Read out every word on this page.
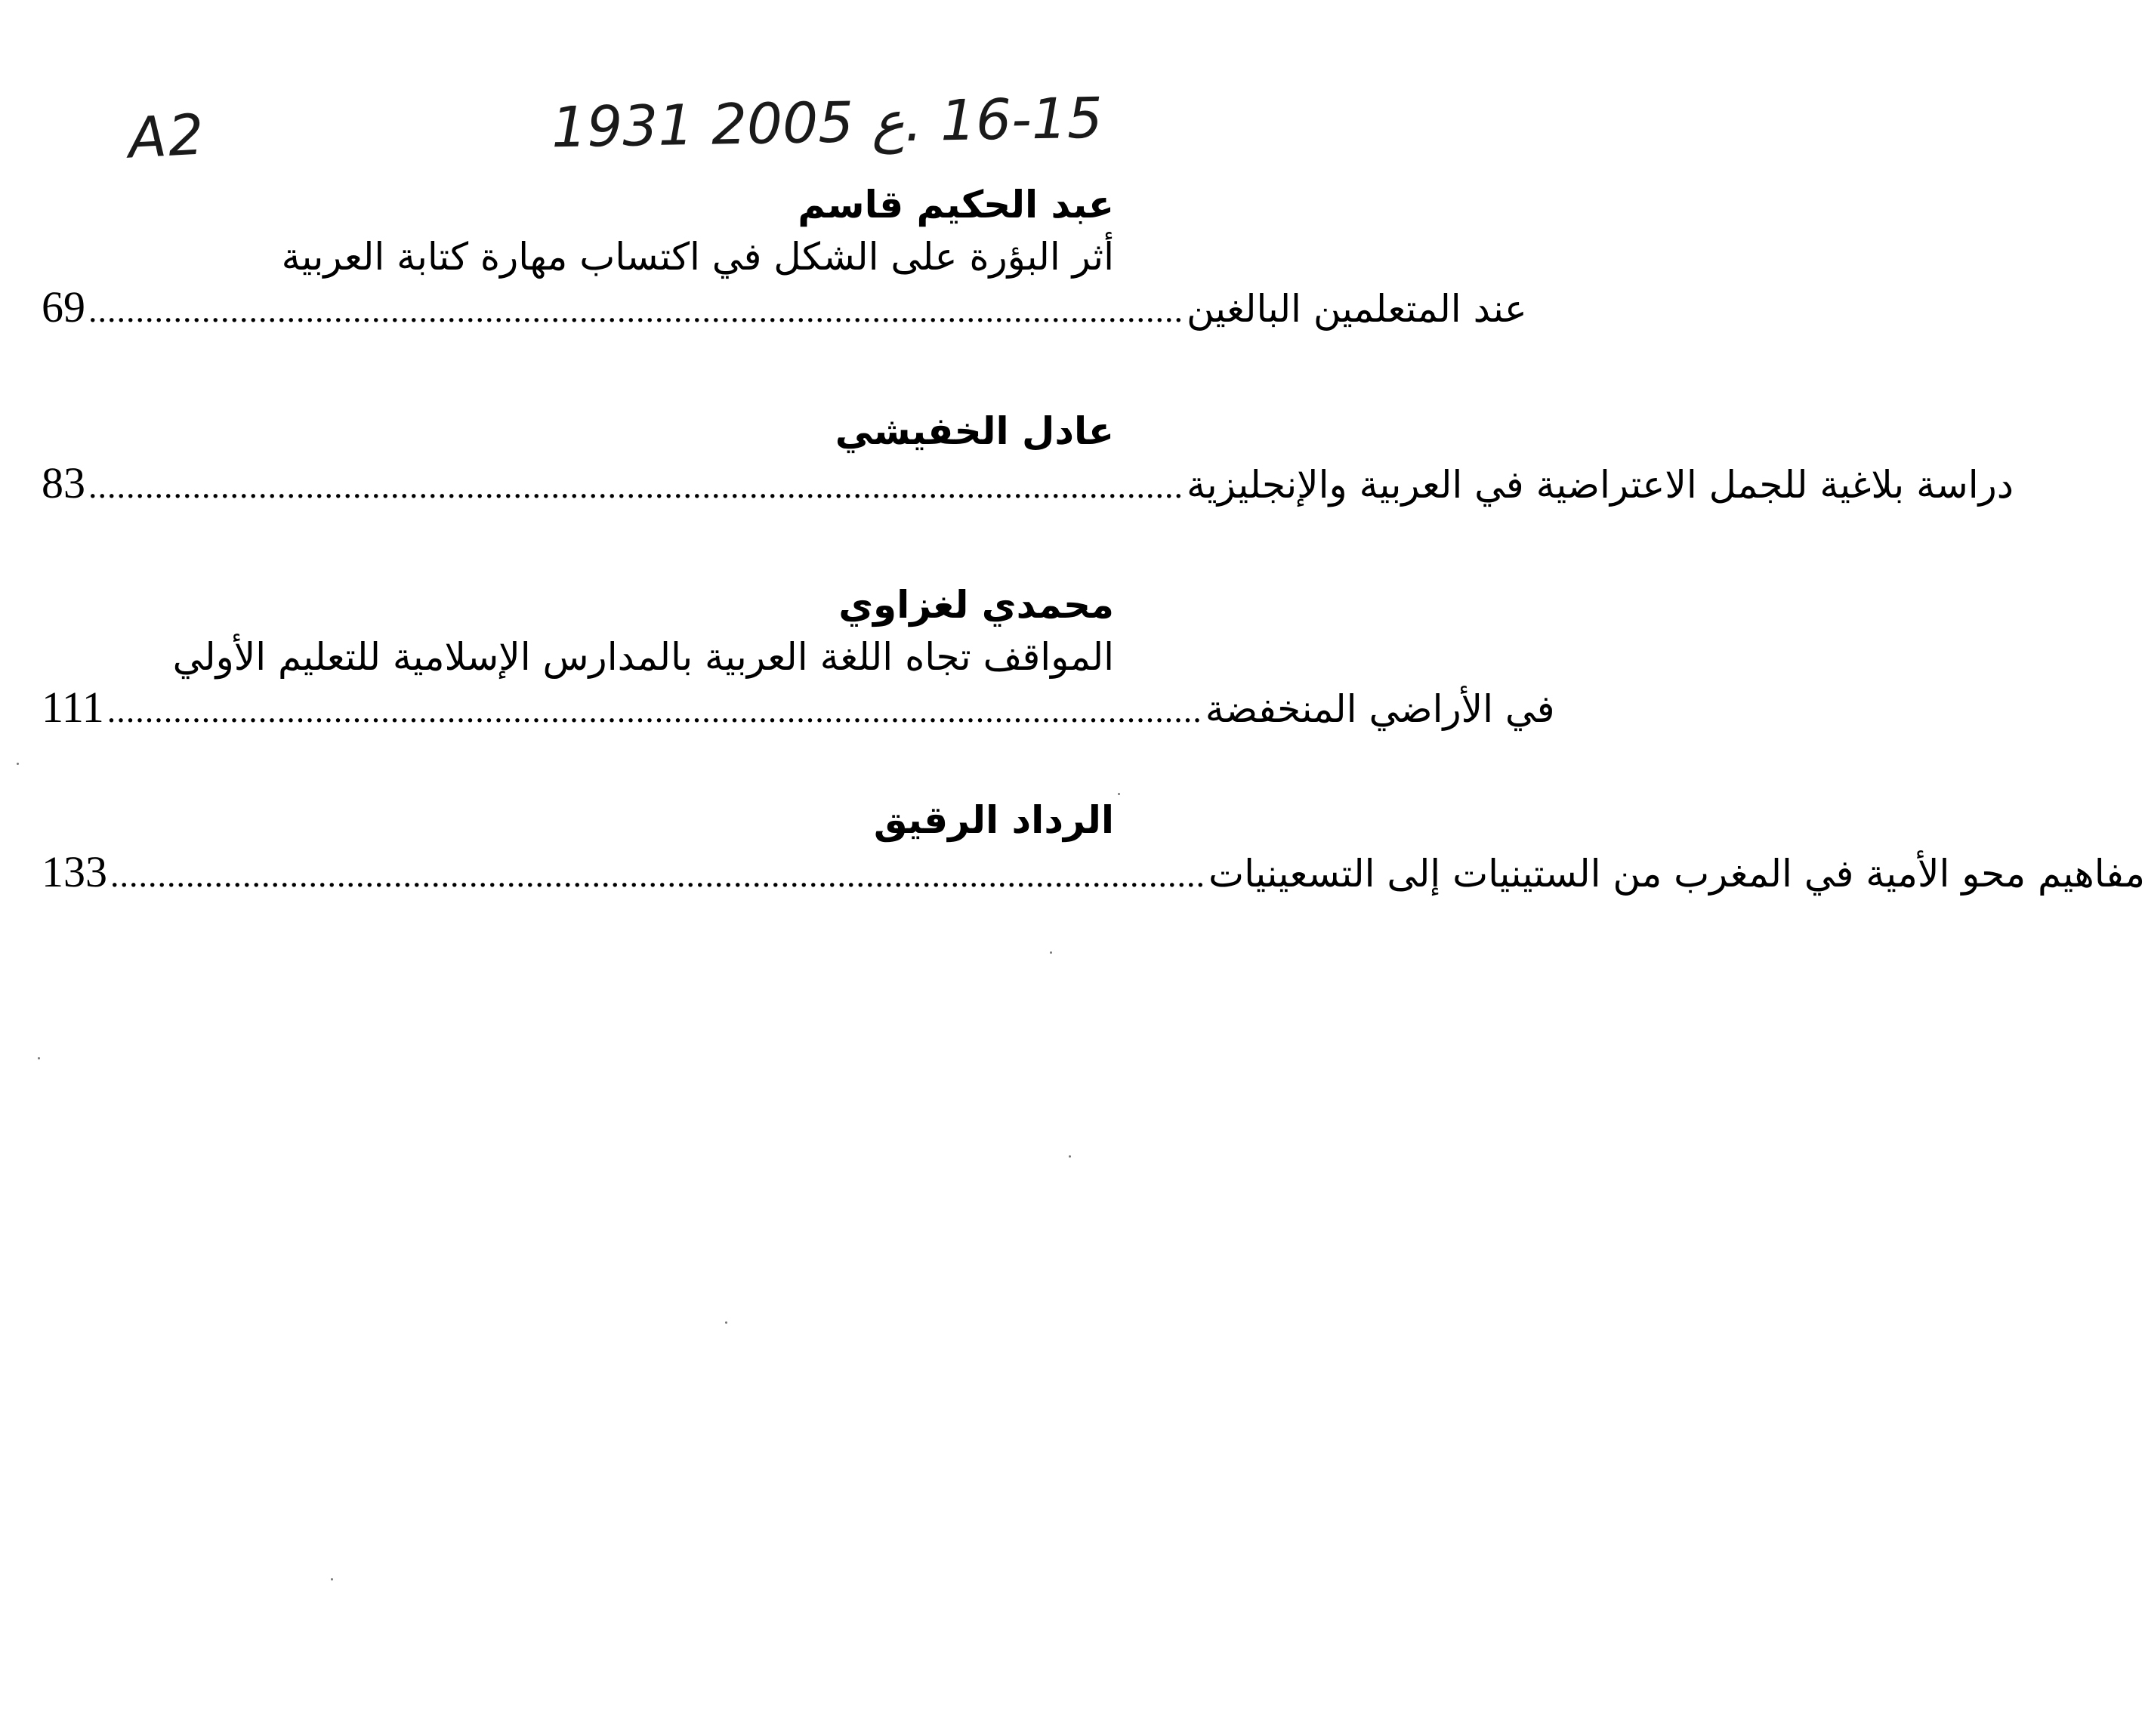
A2	16-15 .ع 2005 1931
عبد الحكيم قاسم
أثر البؤرة على الشكل في اكتساب مهارة كتابة العربية
69 .................................................................................................................... عند المتعلمين البالغين
عادل الخفيشي
83 .................................................................................................................... دراسة بلاغية للجمل الاعتراضية في العربية والإنجليزية
محمدي لغزاوي
المواقف تجاه اللغة العربية بالمدارس الإسلامية للتعليم الأولي
111 .................................................................................................................... في الأراضي المنخفضة
الرداد الرقيق
133 .................................................................................................................... مفاهيم محو الأمية في المغرب من الستينيات إلى التسعينيات
